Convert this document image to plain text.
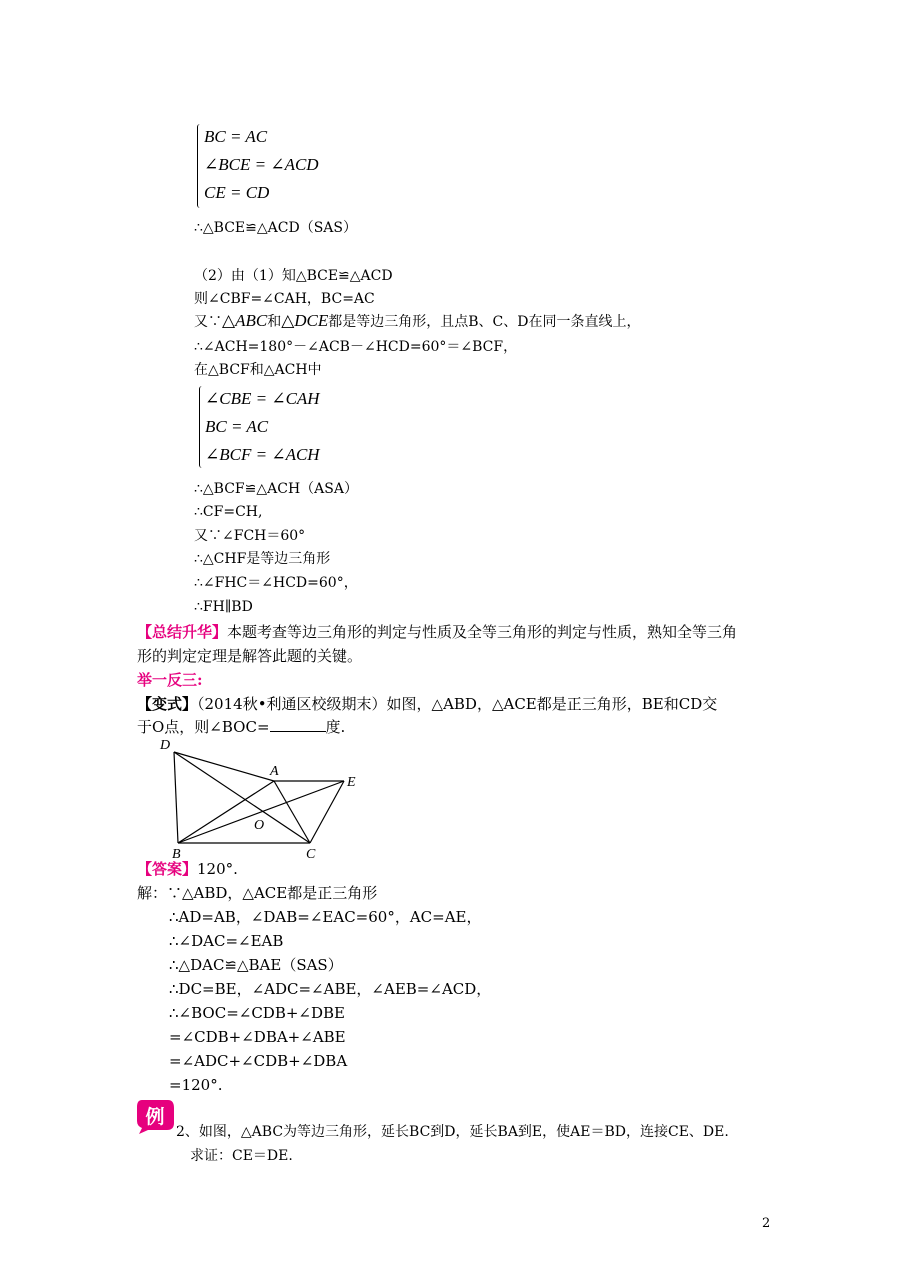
BC = AC
∠BCE = ∠ACD
CE = CD
∴△BCE≌△ACD（SAS）
（2）由（1）知△BCE≌△ACD
则∠CBF=∠CAH，BC=AC
又∵△ABC和△DCE都是等边三角形，且点B、C、D在同一条直线上，
∴∠ACH=180°－∠ACB－∠HCD=60°＝∠BCF，
在△BCF和△ACH中
∠CBE = ∠CAH
BC = AC
∠BCF = ∠ACH
∴△BCF≌△ACH（ASA）
∴CF=CH,
又∵∠FCH＝60°
∴△CHF是等边三角形
∴∠FHC＝∠HCD=60°，
∴FH∥BD
【总结升华】本题考查等边三角形的判定与性质及全等三角形的判定与性质，熟知全等三角
形的判定定理是解答此题的关键。
举一反三:
【变式】（2014秋•利通区校级期末）如图，△ABD，△ACE都是正三角形，BE和CD交
于O点，则∠BOC=	度.
D
A
E
O
B	C
【答案】120°.
解：∵△ABD，△ACE都是正三角形
∴AD=AB，∠DAB=∠EAC=60°，AC=AE，
∴∠DAC=∠EAB
∴△DAC≌△BAE（SAS）
∴DC=BE，∠ADC=∠ABE，∠AEB=∠ACD，
∴∠BOC=∠CDB+∠DBE
=∠CDB+∠DBA+∠ABE
=∠ADC+∠CDB+∠DBA
=120°.
例
2、如图，△ABC为等边三角形，延长BC到D，延长BA到E，使AE＝BD，连接CE、DE.
求证：CE＝DE.
2
